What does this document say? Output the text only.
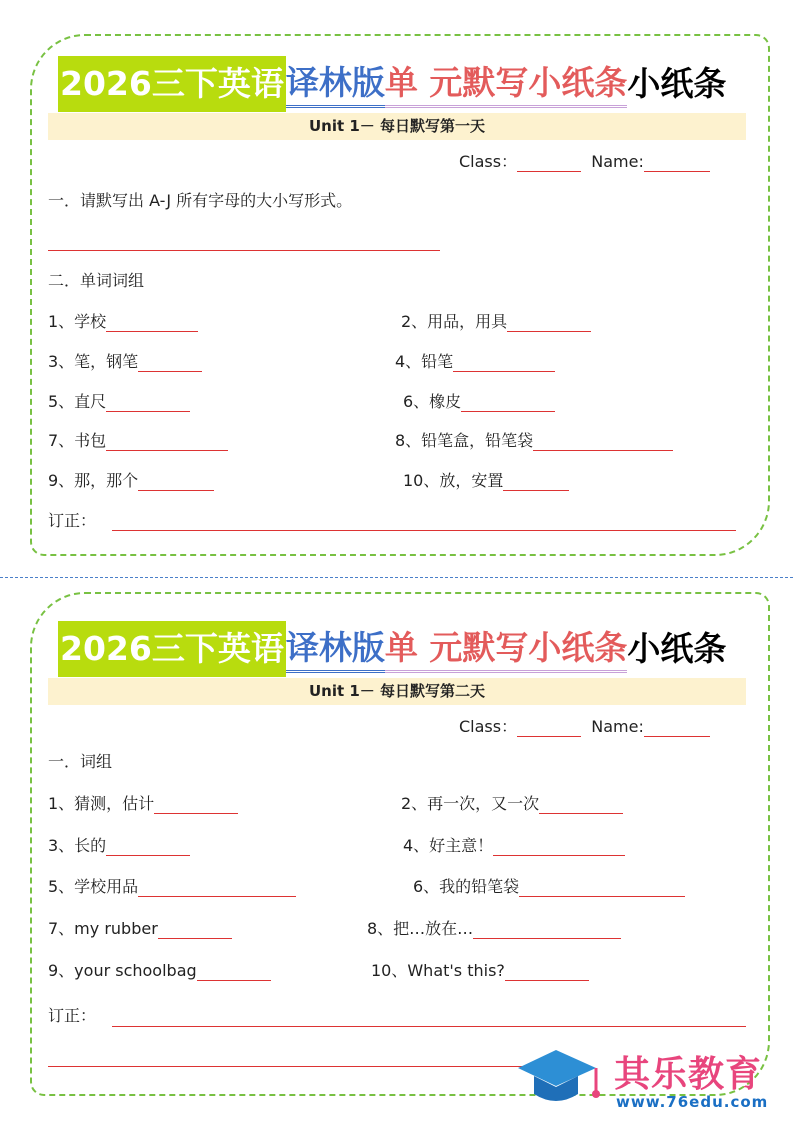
2026三下英语 译林版 单 元默写小纸条 小纸条
Unit 1－ 每日默写第一天
Class：	Name:
一．请默写出 A-J 所有字母的大小写形式。
二．单词词组
1、学校	2、用品，用具
3、笔，钢笔	4、铅笔
5、直尺	6、橡皮
7、书包	8、铅笔盒，铅笔袋
9、那，那个	10、放，安置
订正：
2026三下英语 译林版 单 元默写小纸条 小纸条
Unit 1－ 每日默写第二天
Class：	Name:
一．词组
1、猜测，估计	2、再一次，又一次
3、长的	4、好主意！
5、学校用品	6、我的铅笔袋
7、my rubber	8、把…放在…
9、your schoolbag	10、What's this?
订正：
其乐教育
www.76edu.com
